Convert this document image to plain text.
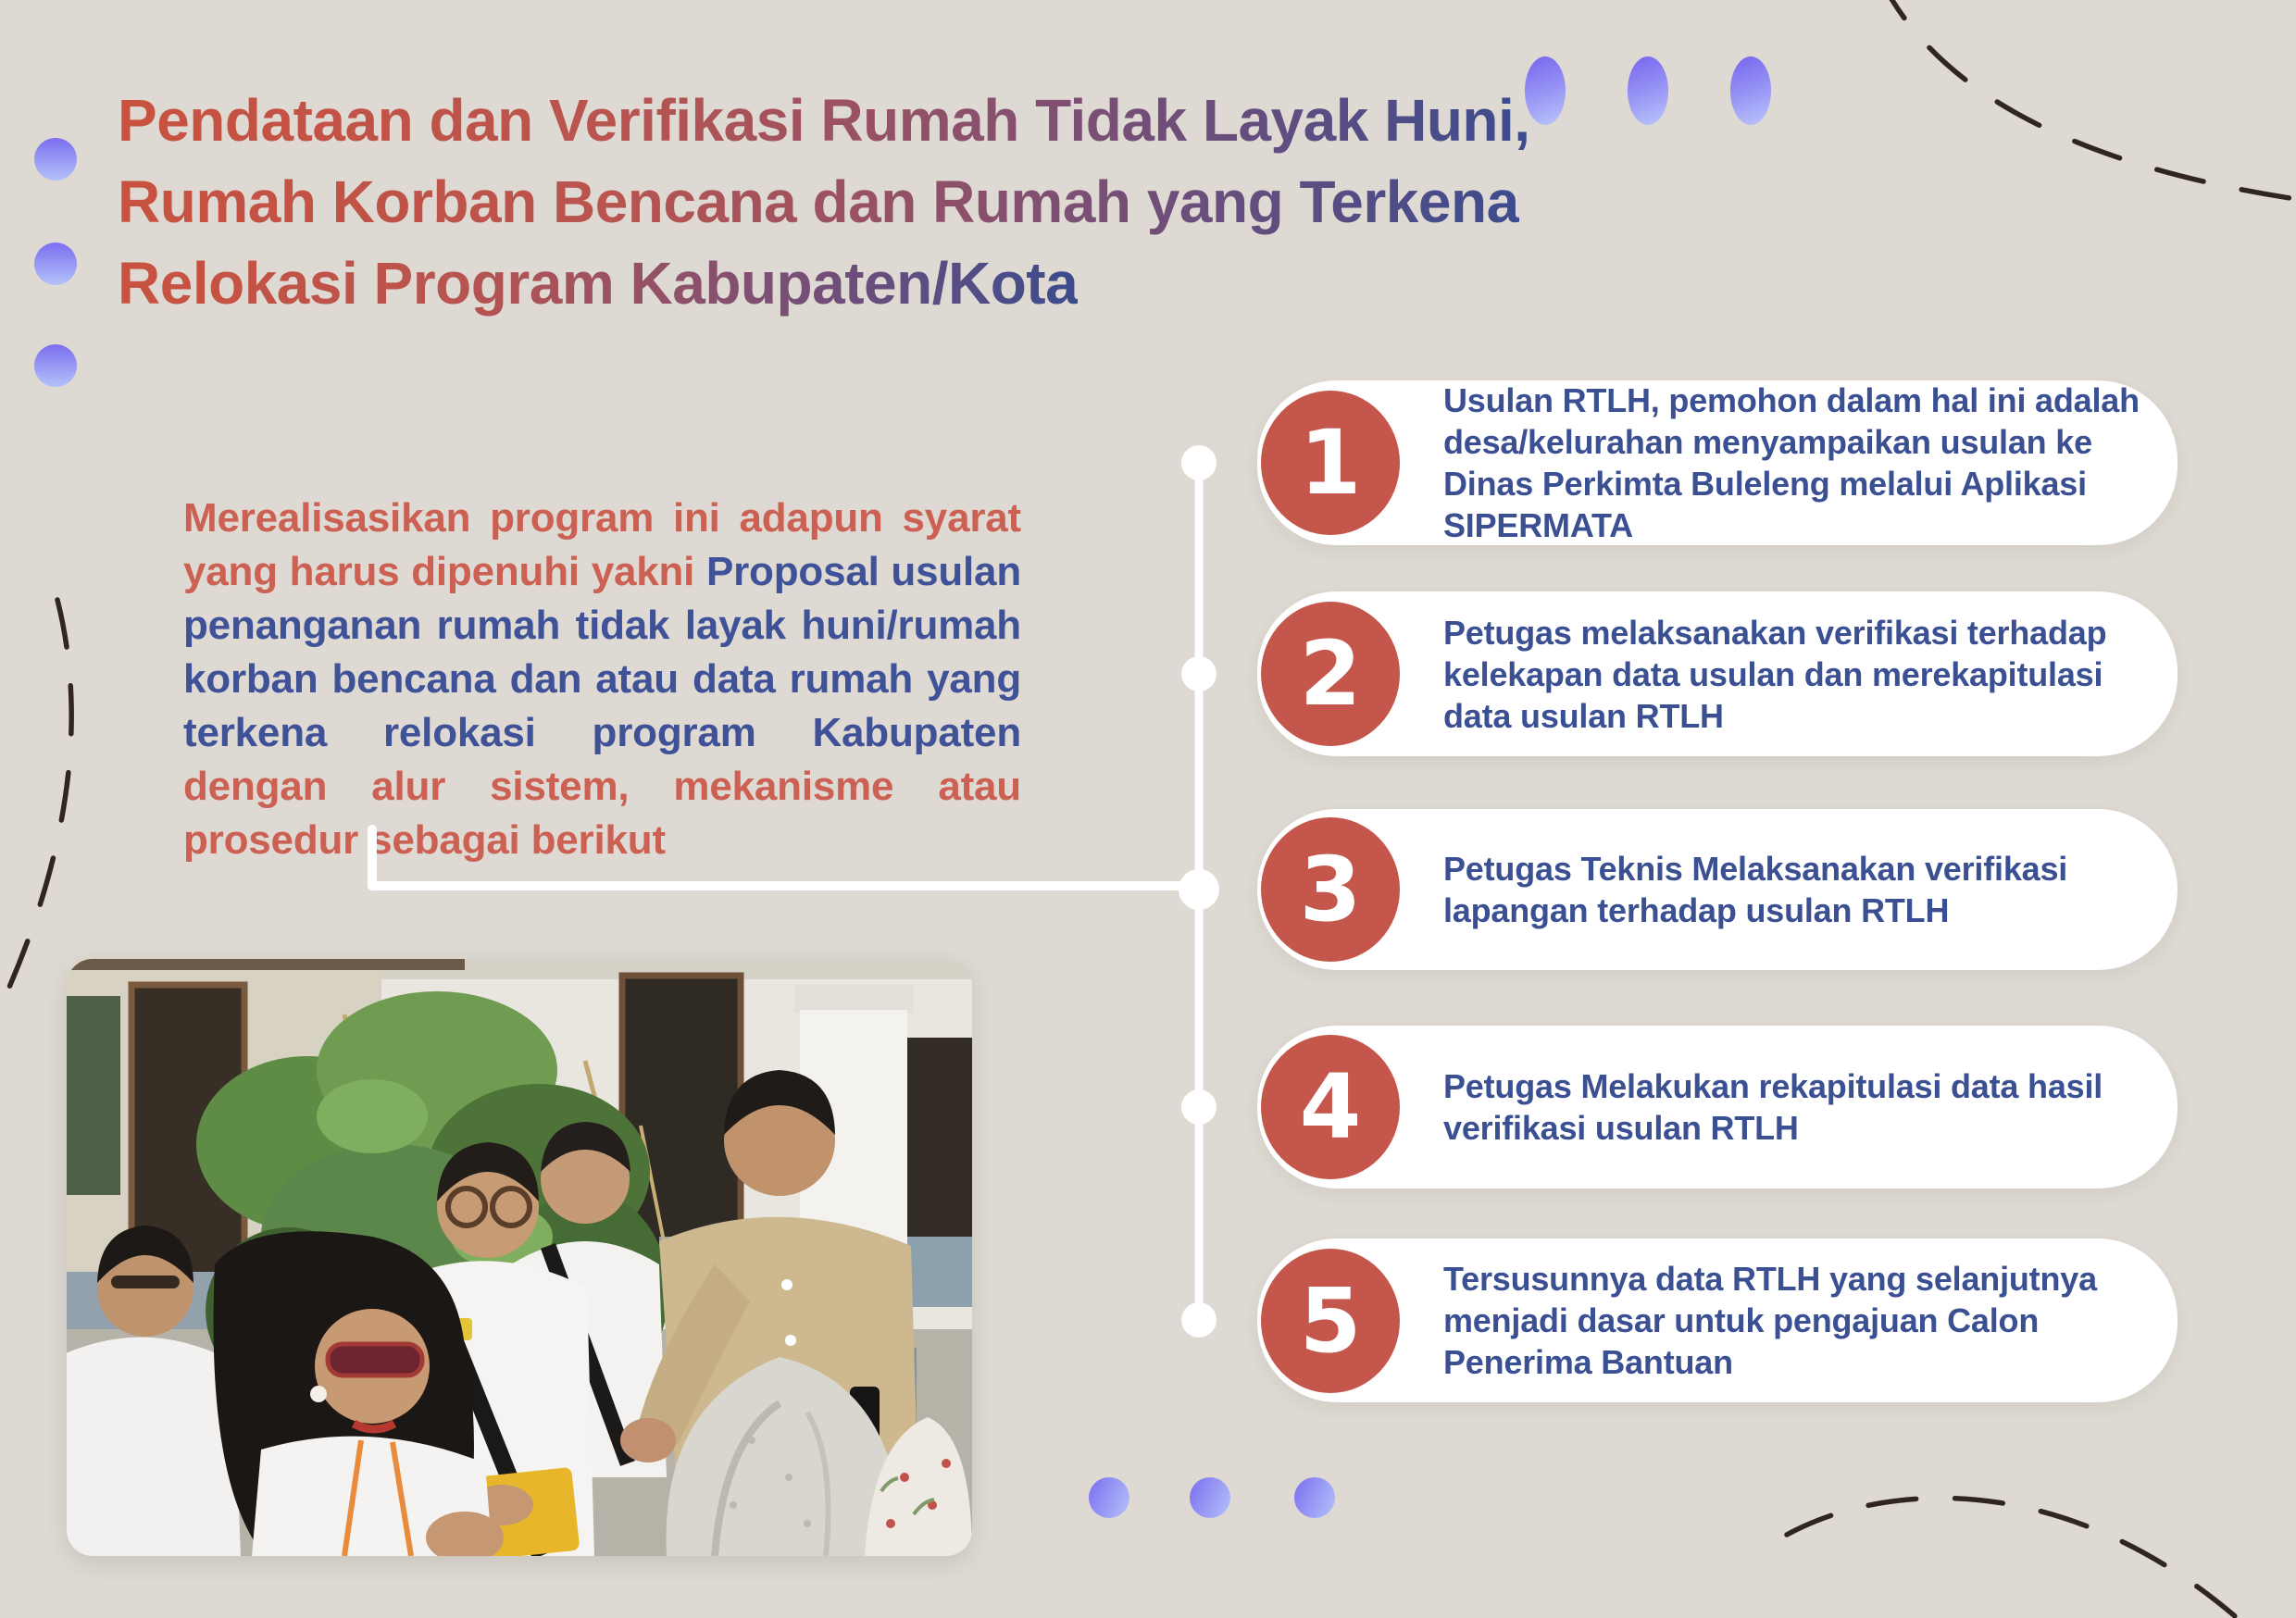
Pendataan dan Verifikasi Rumah Tidak Layak Huni,
Rumah Korban Bencana dan Rumah yang Terkena
Relokasi Program Kabupaten/Kota

Merealisasikan program ini adapun syarat yang harus dipenuhi yakni Proposal usulan penanganan rumah tidak layak huni/rumah korban bencana dan atau data rumah yang terkena relokasi program Kabupaten dengan alur sistem, mekanisme atau prosedur sebagai berikut

1
Usulan RTLH, pemohon dalam hal ini adalah desa/kelurahan menyampaikan usulan ke Dinas Perkimta Buleleng melalui Aplikasi SIPERMATA
2	Petugas melaksanakan verifikasi terhadap kelekapan data usulan dan merekapitulasi data usulan RTLH
3	Petugas Teknis Melaksanakan verifikasi lapangan terhadap usulan RTLH
4	Petugas Melakukan rekapitulasi data hasil verifikasi usulan RTLH
5	Tersusunnya data RTLH yang selanjutnya menjadi dasar untuk pengajuan Calon Penerima Bantuan
